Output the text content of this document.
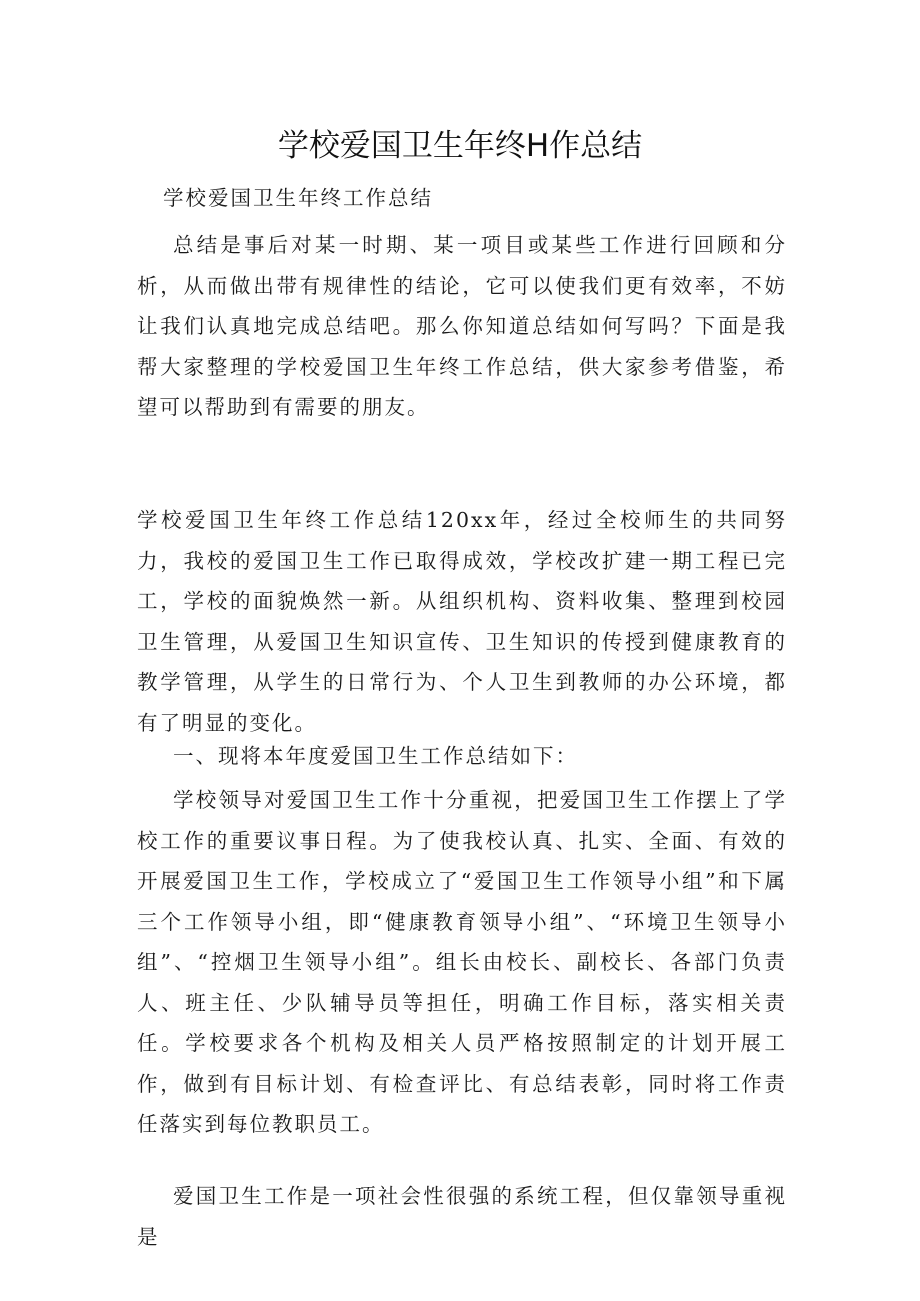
学校爱国卫生年终H作总结

学校爱国卫生年终工作总结

总结是事后对某一时期、某一项目或某些工作进行回顾和分析，从而做出带有规律性的结论，它可以使我们更有效率，不妨让我们认真地完成总结吧。那么你知道总结如何写吗？下面是我帮大家整理的学校爱国卫生年终工作总结，供大家参考借鉴，希望可以帮助到有需要的朋友。

学校爱国卫生年终工作总结120xx年，经过全校师生的共同努力，我校的爱国卫生工作已取得成效，学校改扩建一期工程已完工，学校的面貌焕然一新。从组织机构、资料收集、整理到校园卫生管理，从爱国卫生知识宣传、卫生知识的传授到健康教育的教学管理，从学生的日常行为、个人卫生到教师的办公环境，都有了明显的变化。

一、现将本年度爱国卫生工作总结如下：

学校领导对爱国卫生工作十分重视，把爱国卫生工作摆上了学校工作的重要议事日程。为了使我校认真、扎实、全面、有效的开展爱国卫生工作，学校成立了“爱国卫生工作领导小组”和下属三个工作领导小组，即“健康教育领导小组”、“环境卫生领导小组”、“控烟卫生领导小组”。组长由校长、副校长、各部门负责人、班主任、少队辅导员等担任，明确工作目标，落实相关责任。学校要求各个机构及相关人员严格按照制定的计划开展工作，做到有目标计划、有检查评比、有总结表彰，同时将工作责任落实到每位教职员工。

爱国卫生工作是一项社会性很强的系统工程，但仅靠领导重视是
